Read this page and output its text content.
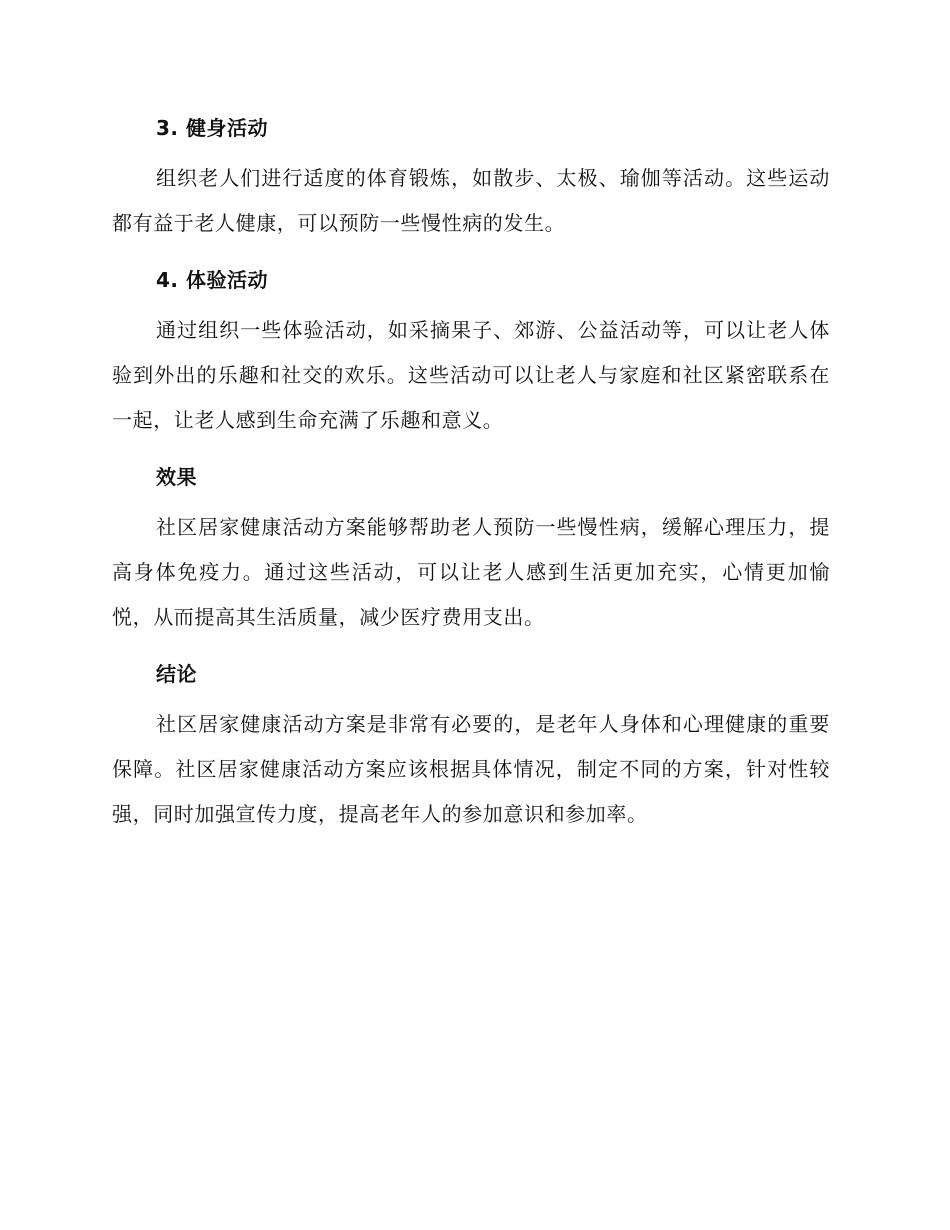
3. 健身活动

组织老人们进行适度的体育锻炼，如散步、太极、瑜伽等活动。这些运动都有益于老人健康，可以预防一些慢性病的发生。

4. 体验活动

通过组织一些体验活动，如采摘果子、郊游、公益活动等，可以让老人体验到外出的乐趣和社交的欢乐。这些活动可以让老人与家庭和社区紧密联系在一起，让老人感到生命充满了乐趣和意义。

效果

社区居家健康活动方案能够帮助老人预防一些慢性病，缓解心理压力，提高身体免疫力。通过这些活动，可以让老人感到生活更加充实，心情更加愉悦，从而提高其生活质量，减少医疗费用支出。

结论

社区居家健康活动方案是非常有必要的，是老年人身体和心理健康的重要保障。社区居家健康活动方案应该根据具体情况，制定不同的方案，针对性较强，同时加强宣传力度，提高老年人的参加意识和参加率。
